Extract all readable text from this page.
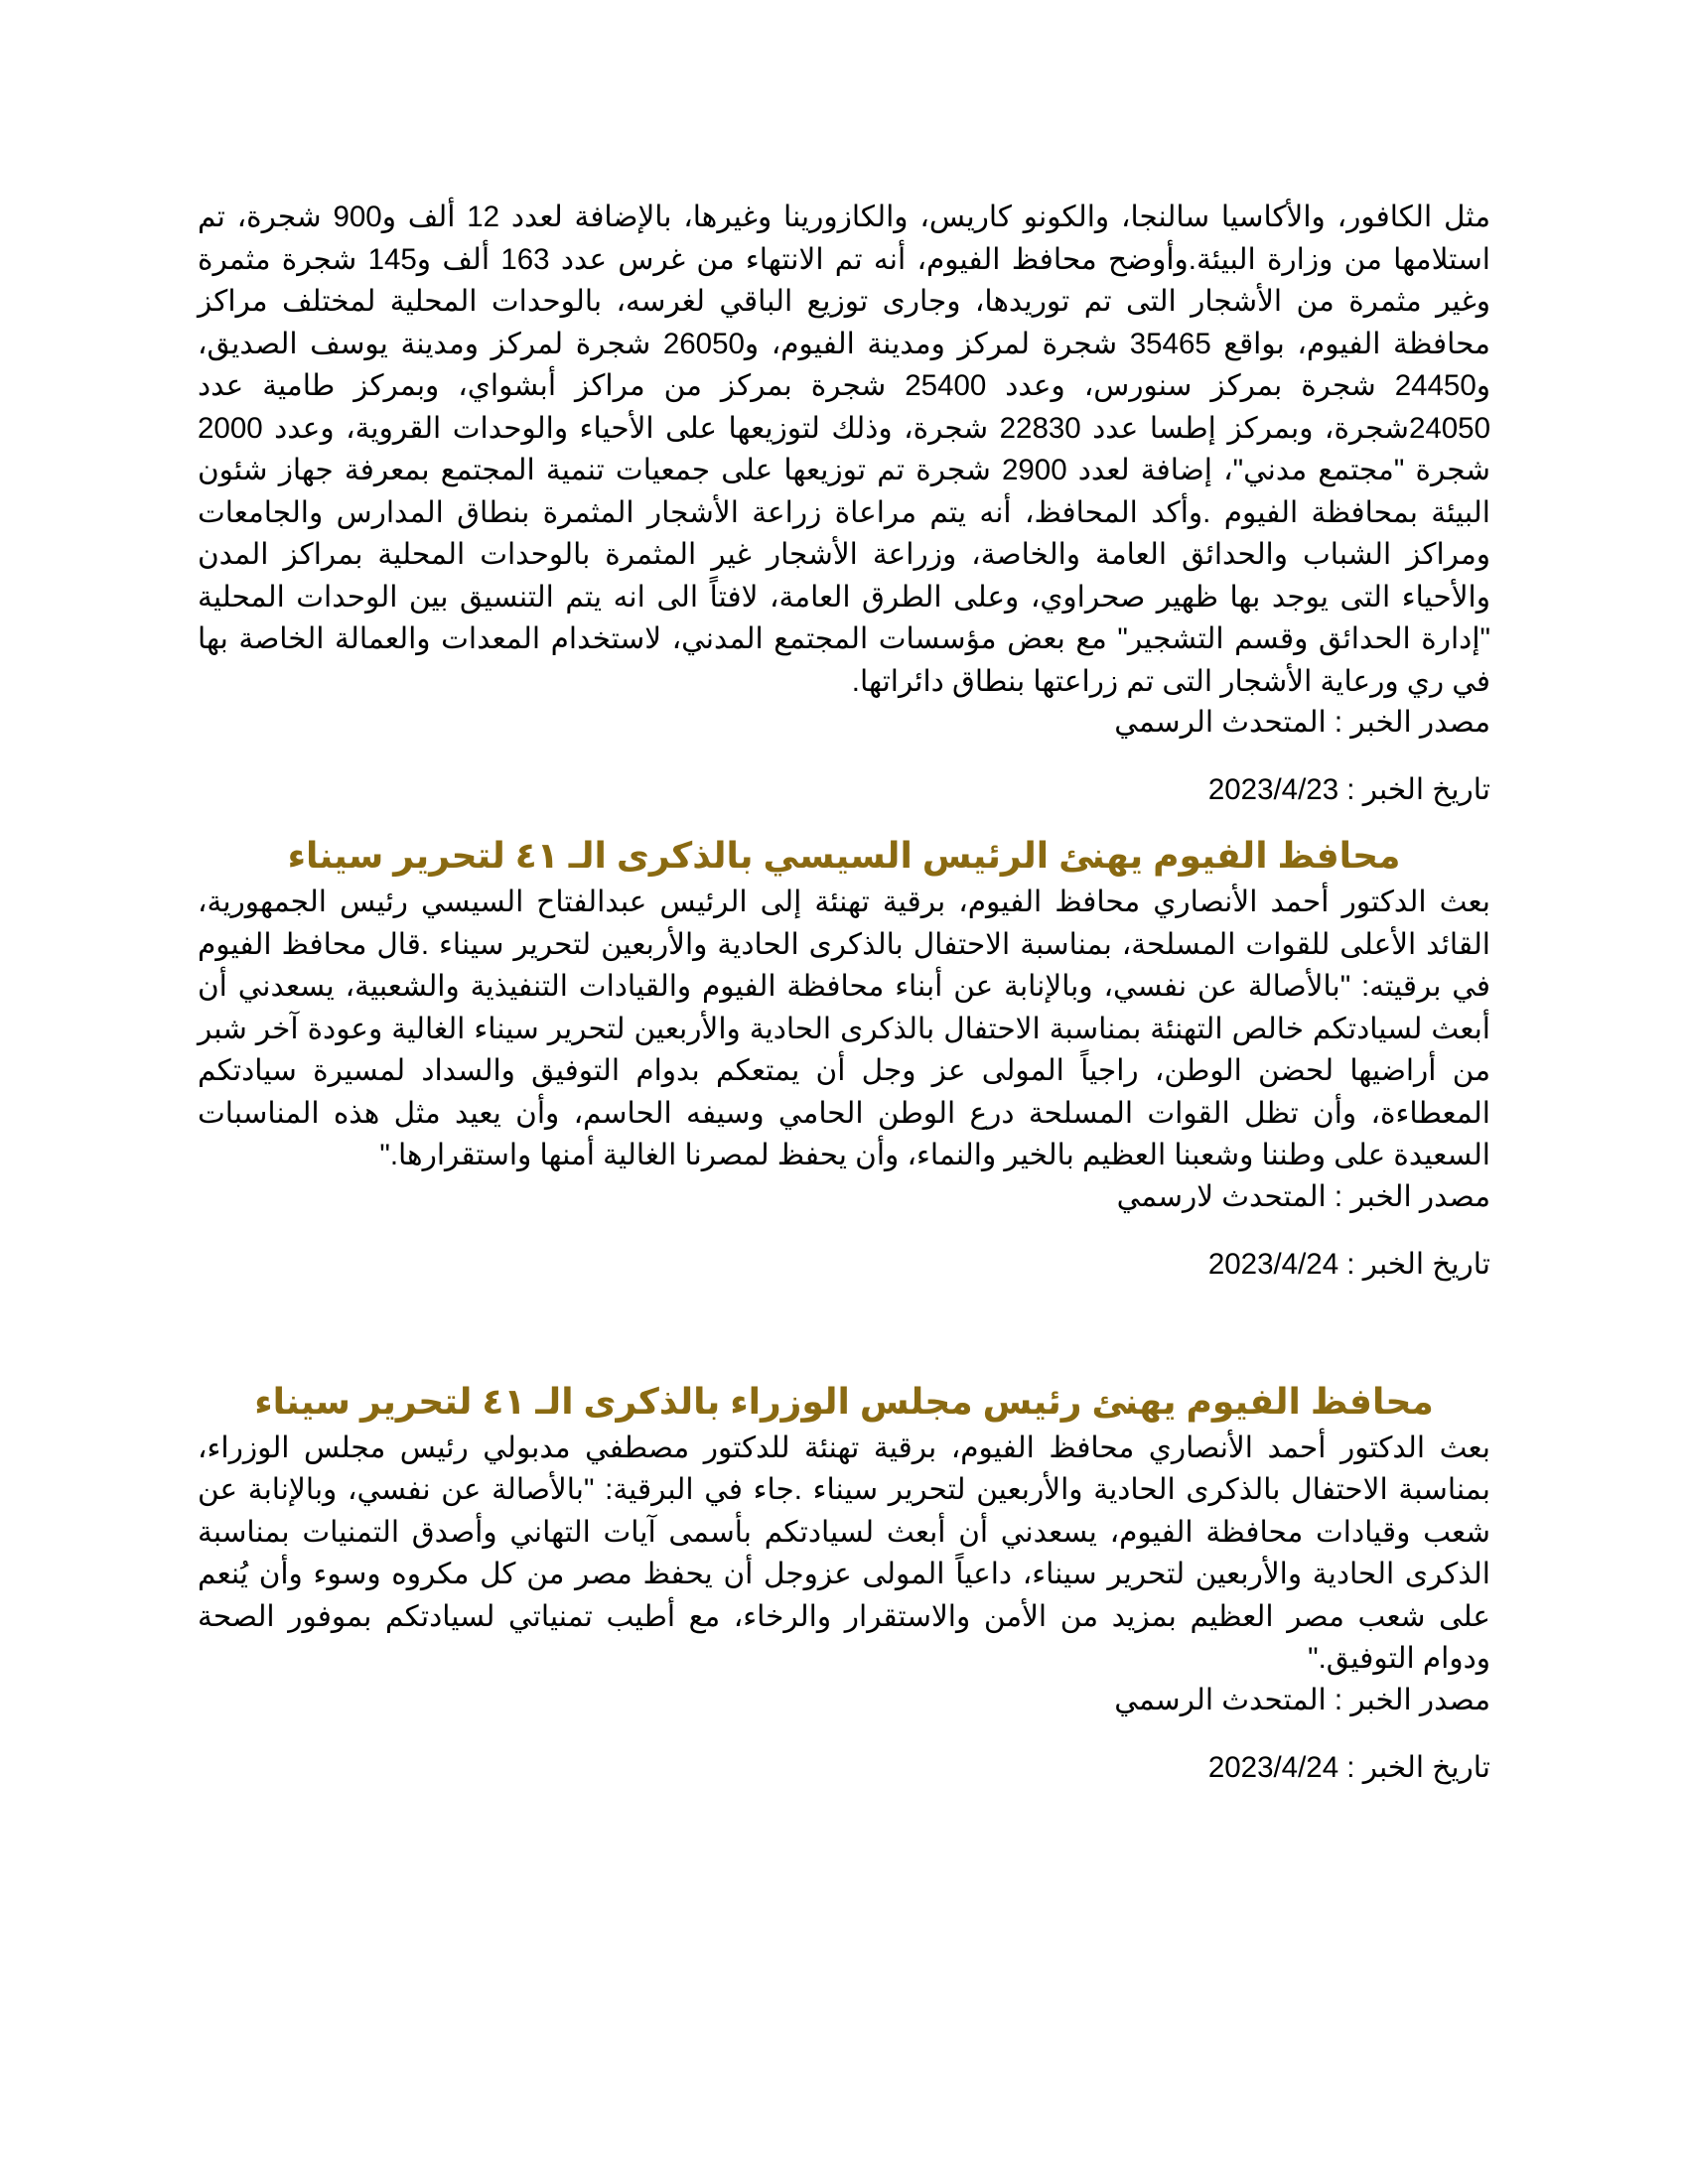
مثل الكافور، والأكاسيا سالنجا، والكونو كاريس، والكازورينا وغيرها، بالإضافة لعدد 12 ألف و900 شجرة، تم استلامها من وزارة البيئة.وأوضح محافظ الفيوم، أنه تم الانتهاء من غرس عدد 163 ألف و145 شجرة مثمرة وغير مثمرة من الأشجار التى تم توريدها، وجارى توزيع الباقي لغرسه، بالوحدات المحلية لمختلف مراكز محافظة الفيوم، بواقع 35465 شجرة لمركز ومدينة الفيوم، و26050 شجرة لمركز ومدينة يوسف الصديق، و24450 شجرة بمركز سنورس، وعدد 25400 شجرة بمركز من مراكز أبشواي، وبمركز طامية عدد 24050شجرة، وبمركز إطسا عدد 22830 شجرة، وذلك لتوزيعها على الأحياء والوحدات القروية، وعدد 2000 شجرة "مجتمع مدني"، إضافة لعدد 2900 شجرة تم توزيعها على جمعيات تنمية المجتمع بمعرفة جهاز شئون البيئة بمحافظة الفيوم .وأكد المحافظ، أنه يتم مراعاة زراعة الأشجار المثمرة بنطاق المدارس والجامعات ومراكز الشباب والحدائق العامة والخاصة، وزراعة الأشجار غير المثمرة بالوحدات المحلية بمراكز المدن والأحياء التى يوجد بها ظهير صحراوي، وعلى الطرق العامة، لافتاً الى انه يتم التنسيق بين الوحدات المحلية "إدارة الحدائق وقسم التشجير" مع بعض مؤسسات المجتمع المدني، لاستخدام المعدات والعمالة الخاصة بها في ري ورعاية الأشجار التى تم زراعتها بنطاق دائراتها.

مصدر الخبر : المتحدث الرسمي

تاريخ الخبر : 2023/4/23

محافظ الفيوم يهنئ الرئيس السيسي بالذكرى الـ ٤١ لتحرير سيناء

بعث الدكتور أحمد الأنصاري محافظ الفيوم، برقية تهنئة إلى الرئيس عبدالفتاح السيسي رئيس الجمهورية، القائد الأعلى للقوات المسلحة، بمناسبة الاحتفال بالذكرى الحادية والأربعين لتحرير سيناء .قال محافظ الفيوم في برقيته: "بالأصالة عن نفسي، وبالإنابة عن أبناء محافظة الفيوم والقيادات التنفيذية والشعبية، يسعدني أن أبعث لسيادتكم خالص التهنئة بمناسبة الاحتفال بالذكرى الحادية والأربعين لتحرير سيناء الغالية وعودة آخر شبر من أراضيها لحضن الوطن، راجياً المولى عز وجل أن يمتعكم بدوام التوفيق والسداد لمسيرة سيادتكم المعطاءة، وأن تظل القوات المسلحة درع الوطن الحامي وسيفه الحاسم، وأن يعيد مثل هذه المناسبات السعيدة على وطننا وشعبنا العظيم بالخير والنماء، وأن يحفظ لمصرنا الغالية أمنها واستقرارها."

مصدر الخبر : المتحدث لارسمي

تاريخ الخبر : 2023/4/24

محافظ الفيوم يهنئ رئيس مجلس الوزراء بالذكرى الـ ٤١ لتحرير سيناء

بعث الدكتور أحمد الأنصاري محافظ الفيوم، برقية تهنئة للدكتور مصطفي مدبولي رئيس مجلس الوزراء، بمناسبة الاحتفال بالذكرى الحادية والأربعين لتحرير سيناء .جاء في البرقية: "بالأصالة عن نفسي، وبالإنابة عن شعب وقيادات محافظة الفيوم، يسعدني أن أبعث لسيادتكم بأسمى آيات التهاني وأصدق التمنيات بمناسبة الذكرى الحادية والأربعين لتحرير سيناء، داعياً المولى عزوجل أن يحفظ مصر من كل مكروه وسوء وأن يُنعم على شعب مصر العظيم بمزيد من الأمن والاستقرار والرخاء، مع أطيب تمنياتي لسيادتكم بموفور الصحة ودوام التوفيق."

مصدر الخبر : المتحدث الرسمي

تاريخ الخبر : 2023/4/24
